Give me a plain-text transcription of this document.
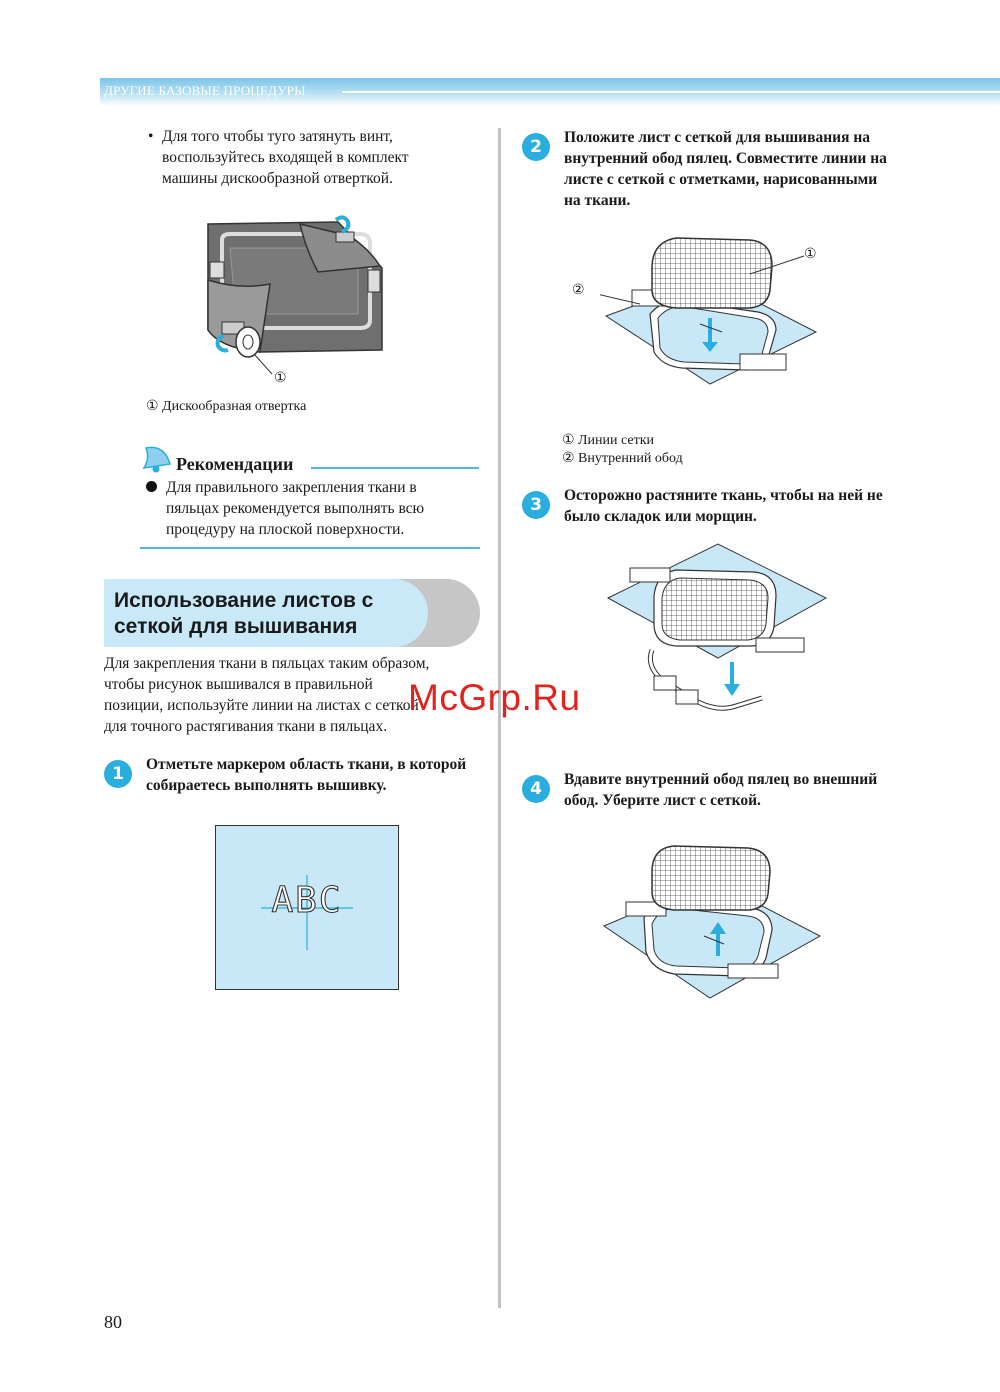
ДРУГИЕ БАЗОВЫЕ ПРОЦЕДУРЫ
• Для того чтобы туго затянуть винт,
воспользуйтесь входящей в комплект
машины дискообразной отверткой.
①
① Дискообразная отвертка
Рекомендации
Для правильного закрепления ткани в
пяльцах рекомендуется выполнять всю
процедуру на плоской поверхности.
Использование листов с
сеткой для вышивания
Для закрепления ткани в пяльцах таким образом,
чтобы рисунок вышивался в правильной
позиции, используйте линии на листах с сеткой
для точного растягивания ткани в пяльцах.
1	Отметьте маркером область ткани, в которой
собираетесь выполнять вышивку.
ABC
2	Положите лист с сеткой для вышивания на
внутренний обод пялец. Совместите линии на
листе с сеткой с отметками, нарисованными
на ткани.
①
②
① Линии сетки
② Внутренний обод
3	Осторожно растяните ткань, чтобы на ней не
было складок или морщин.
4	Вдавите внутренний обод пялец во внешний
обод. Уберите лист с сеткой.
McGrp.Ru
80
